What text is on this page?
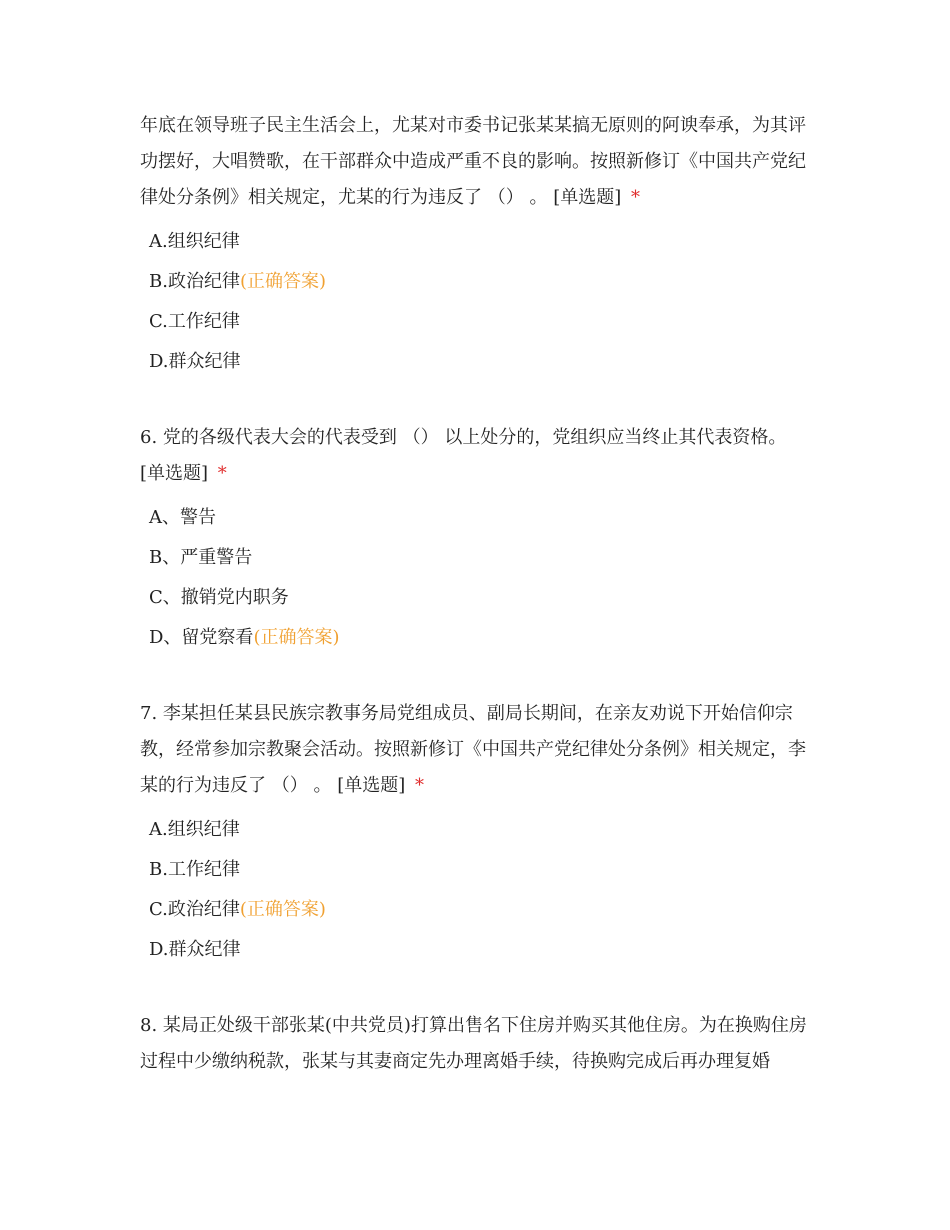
年底在领导班子民主生活会上，尤某对市委书记张某某搞无原则的阿谀奉承，为其评功摆好，大唱赞歌，在干部群众中造成严重不良的影响。按照新修订《中国共产党纪律处分条例》相关规定，尤某的行为违反了 （） 。 [单选题] *

A.组织纪律
B.政治纪律(正确答案)
C.工作纪律
D.群众纪律

6. 党的各级代表大会的代表受到 （） 以上处分的，党组织应当终止其代表资格。
[单选题] *

A、警告
B、严重警告
C、撤销党内职务
D、留党察看(正确答案)

7. 李某担任某县民族宗教事务局党组成员、副局长期间，在亲友劝说下开始信仰宗教，经常参加宗教聚会活动。按照新修订《中国共产党纪律处分条例》相关规定，李某的行为违反了 （） 。 [单选题] *

A.组织纪律
B.工作纪律
C.政治纪律(正确答案)
D.群众纪律

8. 某局正处级干部张某(中共党员)打算出售名下住房并购买其他住房。为在换购住房过程中少缴纳税款，张某与其妻商定先办理离婚手续，待换购完成后再办理复婚
